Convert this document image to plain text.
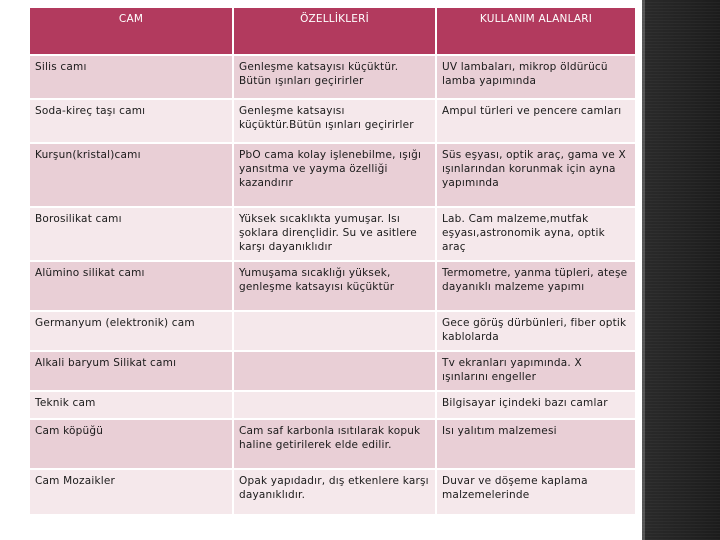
CAM	ÖZELLİKLERİ	KULLANIM ALANLARI
Silis camı	Genleşme katsayısı küçüktür. Bütün ışınları geçirirler	UV lambaları, mikrop öldürücü lamba yapımında
Soda-kireç taşı camı	Genleşme katsayısı küçüktür.Bütün ışınları geçirirler	Ampul türleri ve pencere camları
Kurşun(kristal)camı	PbO cama kolay işlenebilme, ışığı yansıtma ve yayma özelliği kazandırır	Süs eşyası, optik araç, gama ve X ışınlarından korunmak için ayna yapımında
Borosilikat camı	Yüksek sıcaklıkta yumuşar. Isı şoklara dirençlidir. Su ve asitlere karşı dayanıklıdır	Lab. Cam malzeme,mutfak eşyası,astronomik ayna, optik araç
Alümino silikat camı	Yumuşama sıcaklığı yüksek, genleşme katsayısı küçüktür	Termometre, yanma tüpleri, ateşe dayanıklı malzeme yapımı
Germanyum (elektronik) cam		Gece görüş dürbünleri, fiber optik kablolarda
Alkali baryum Silikat camı		Tv ekranları yapımında. X ışınlarını engeller
Teknik cam		Bilgisayar içindeki bazı camlar
Cam köpüğü	Cam saf karbonla ısıtılarak kopuk haline getirilerek elde edilir.	Isı yalıtım malzemesi
Cam Mozaikler	Opak yapıdadır, dış etkenlere karşı dayanıklıdır.	Duvar ve döşeme kaplama malzemelerinde
